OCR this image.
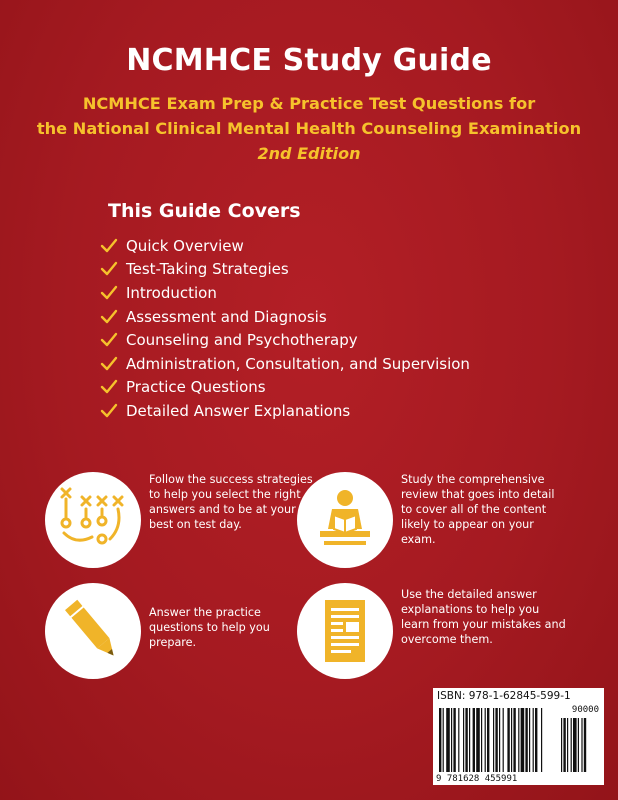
NCMHCE Study Guide
NCMHCE Exam Prep & Practice Test Questions for
the National Clinical Mental Health Counseling Examination
2nd Edition
This Guide Covers
Quick Overview
Test-Taking Strategies
Introduction
Assessment and Diagnosis
Counseling and Psychotherapy
Administration, Consultation, and Supervision
Practice Questions
Detailed Answer Explanations
Follow the success strategies to help you select the right answers and to be at your best on test day.
Study the comprehensive review that goes into detail to cover all of the content likely to appear on your exam.
Answer the practice questions to help you prepare.
Use the detailed answer explanations to help you learn from your mistakes and overcome them.
ISBN: 978-1-62845-599-1
90000
9 781628 455991
